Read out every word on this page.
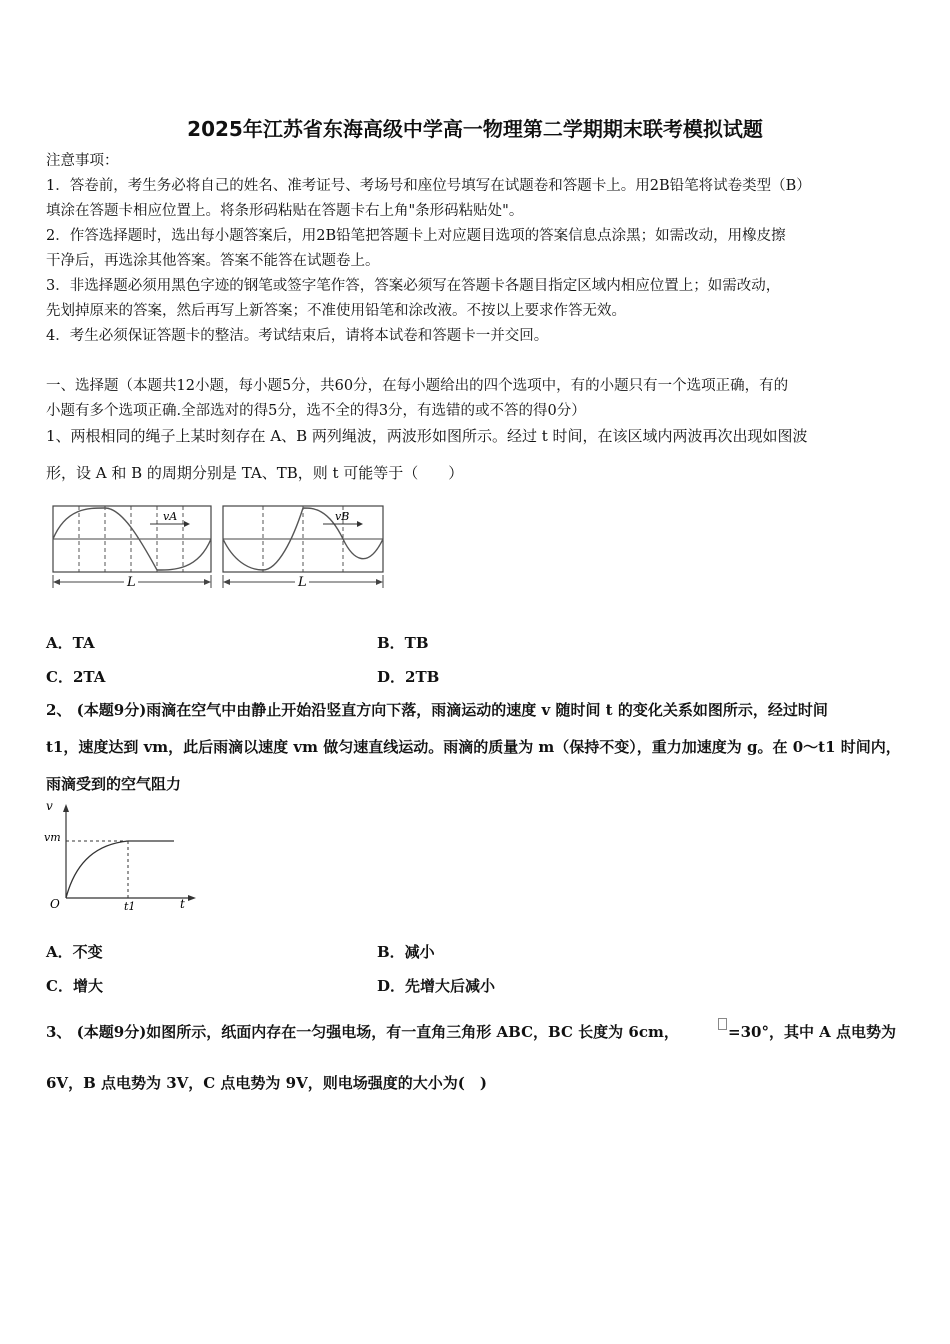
2025年江苏省东海高级中学高一物理第二学期期末联考模拟试题
注意事项：
1．答卷前，考生务必将自己的姓名、准考证号、考场号和座位号填写在试题卷和答题卡上。用2B铅笔将试卷类型（B）
填涂在答题卡相应位置上。将条形码粘贴在答题卡右上角"条形码粘贴处"。
2．作答选择题时，选出每小题答案后，用2B铅笔把答题卡上对应题目选项的答案信息点涂黑；如需改动，用橡皮擦
干净后，再选涂其他答案。答案不能答在试题卷上。
3．非选择题必须用黑色字迹的钢笔或签字笔作答，答案必须写在答题卡各题目指定区域内相应位置上；如需改动，
先划掉原来的答案，然后再写上新答案；不准使用铅笔和涂改液。不按以上要求作答无效。
4．考生必须保证答题卡的整洁。考试结束后，请将本试卷和答题卡一并交回。
一、选择题（本题共12小题，每小题5分，共60分，在每小题给出的四个选项中，有的小题只有一个选项正确，有的
小题有多个选项正确.全部选对的得5分，选不全的得3分，有选错的或不答的得0分）
1、两根相同的绳子上某时刻存在 A、B 两列绳波，两波形如图所示。经过 t 时间，在该区域内两波再次出现如图波
形，设 A 和 B 的周期分别是 TA、TB，则 t 可能等于（　　）
vA
L
vB
L
A．TA	B．TB
C．2TA	D．2TB
2、 (本题9分)雨滴在空气中由静止开始沿竖直方向下落，雨滴运动的速度 v 随时间 t 的变化关系如图所示，经过时间
t1，速度达到 vm，此后雨滴以速度 vm 做匀速直线运动。雨滴的质量为 m（保持不变），重力加速度为 g。在 0～t1 时间内，
雨滴受到的空气阻力
v
vm
O	t1	t
A．不变	B．减小
C．增大	D．先增大后减小
3、 (本题9分)如图所示，纸面内存在一匀强电场，有一直角三角形 ABC，BC 长度为 6cm，	=30°，其中 A 点电势为
6V，B 点电势为 3V，C 点电势为 9V，则电场强度的大小为(　)
